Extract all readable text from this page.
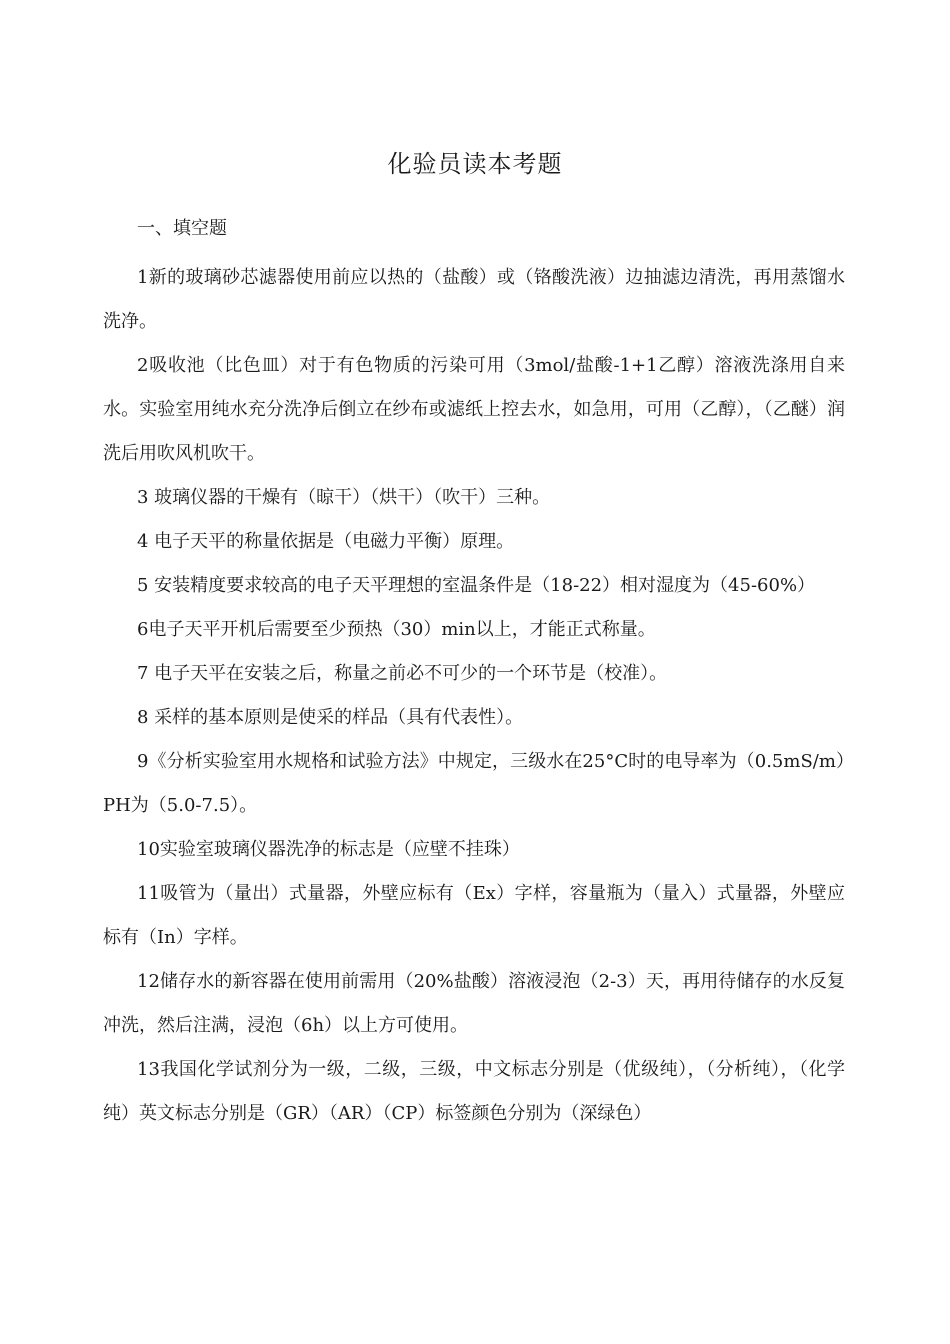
化验员读本考题
一、填空题

1新的玻璃砂芯滤器使用前应以热的（盐酸）或（铬酸洗液）边抽滤边清洗，再用蒸馏水洗净。

2吸收池（比色皿）对于有色物质的污染可用（3mol/盐酸-1+1乙醇）溶液洗涤用自来水。实验室用纯水充分洗净后倒立在纱布或滤纸上控去水，如急用，可用（乙醇），（乙醚）润洗后用吹风机吹干。

3 玻璃仪器的干燥有（晾干）（烘干）（吹干）三种。

4 电子天平的称量依据是（电磁力平衡）原理。

5 安装精度要求较高的电子天平理想的室温条件是（18-22）相对湿度为（45-60%）

6电子天平开机后需要至少预热（30）min以上，才能正式称量。

7 电子天平在安装之后，称量之前必不可少的一个环节是（校准）。

8 采样的基本原则是使采的样品（具有代表性）。

9《分析实验室用水规格和试验方法》中规定，三级水在25°C时的电导率为（0.5mS/m）PH为（5.0-7.5）。

10实验室玻璃仪器洗净的标志是（应壁不挂珠）

11吸管为（量出）式量器，外壁应标有（Ex）字样，容量瓶为（量入）式量器，外壁应标有（In）字样。

12储存水的新容器在使用前需用（20%盐酸）溶液浸泡（2-3）天，再用待储存的水反复冲洗，然后注满，浸泡（6h）以上方可使用。

13我国化学试剂分为一级，二级，三级，中文标志分别是（优级纯），（分析纯），（化学纯）英文标志分别是（GR）（AR）（CP）标签颜色分别为（深绿色）
